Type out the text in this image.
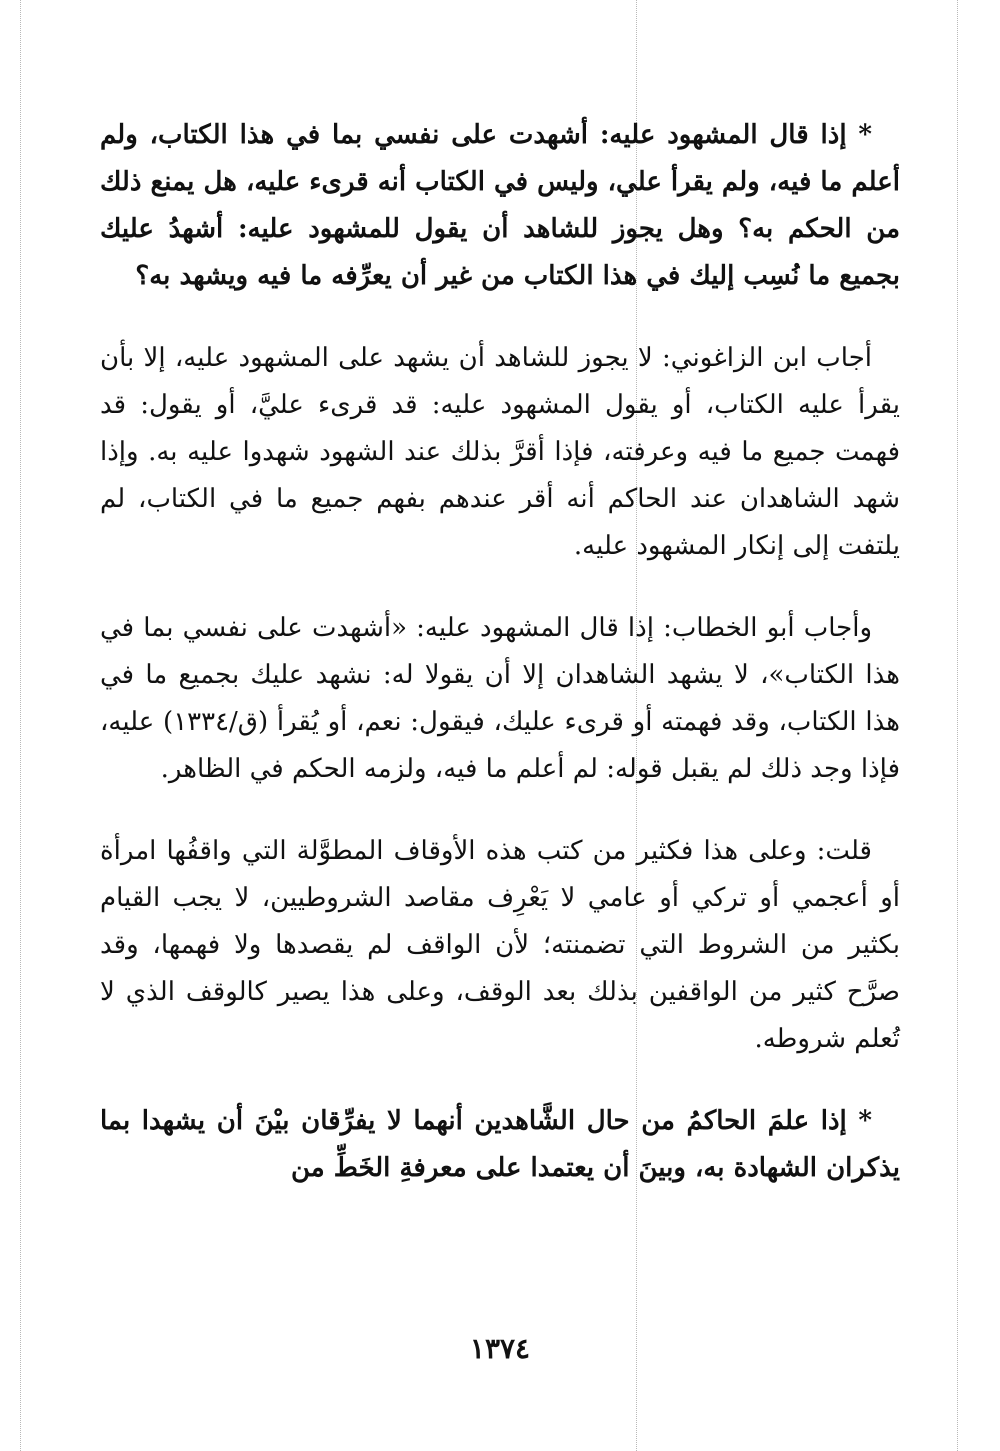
* إذا قال المشهود عليه: أشهدت على نفسي بما في هذا الكتاب، ولم أعلم ما فيه، ولم يقرأ علي، وليس في الكتاب أنه قرىء عليه، هل يمنع ذلك من الحكم به؟ وهل يجوز للشاهد أن يقول للمشهود عليه: أشهدُ عليك بجميع ما نُسِب إليك في هذا الكتاب من غير أن يعرِّفه ما فيه ويشهد به؟

أجاب ابن الزاغوني: لا يجوز للشاهد أن يشهد على المشهود عليه، إلا بأن يقرأ عليه الكتاب، أو يقول المشهود عليه: قد قرىء عليَّ، أو يقول: قد فهمت جميع ما فيه وعرفته، فإذا أقرَّ بذلك عند الشهود شهدوا عليه به. وإذا شهد الشاهدان عند الحاكم أنه أقر عندهم بفهم جميع ما في الكتاب، لم يلتفت إلى إنكار المشهود عليه.

وأجاب أبو الخطاب: إذا قال المشهود عليه: «أشهدت على نفسي بما في هذا الكتاب»، لا يشهد الشاهدان إلا أن يقولا له: نشهد عليك بجميع ما في هذا الكتاب، وقد فهمته أو قرىء عليك، فيقول: نعم، أو يُقرأ (ق/١٣٣٤) عليه، فإذا وجد ذلك لم يقبل قوله: لم أعلم ما فيه، ولزمه الحكم في الظاهر.

قلت: وعلى هذا فكثير من كتب هذه الأوقاف المطوَّلة التي واقفُها امرأة أو أعجمي أو تركي أو عامي لا يَعْرِف مقاصد الشروطيين، لا يجب القيام بكثير من الشروط التي تضمنته؛ لأن الواقف لم يقصدها ولا فهمها، وقد صرَّح كثير من الواقفين بذلك بعد الوقف، وعلى هذا يصير كالوقف الذي لا تُعلم شروطه.

* إذا علمَ الحاكمُ من حال الشَّاهدين أنهما لا يفرِّقان بيْنَ أن يشهدا بما يذكران الشهادة به، وبينَ أن يعتمدا على معرفةِ الخَطِّ من

١٣٧٤
